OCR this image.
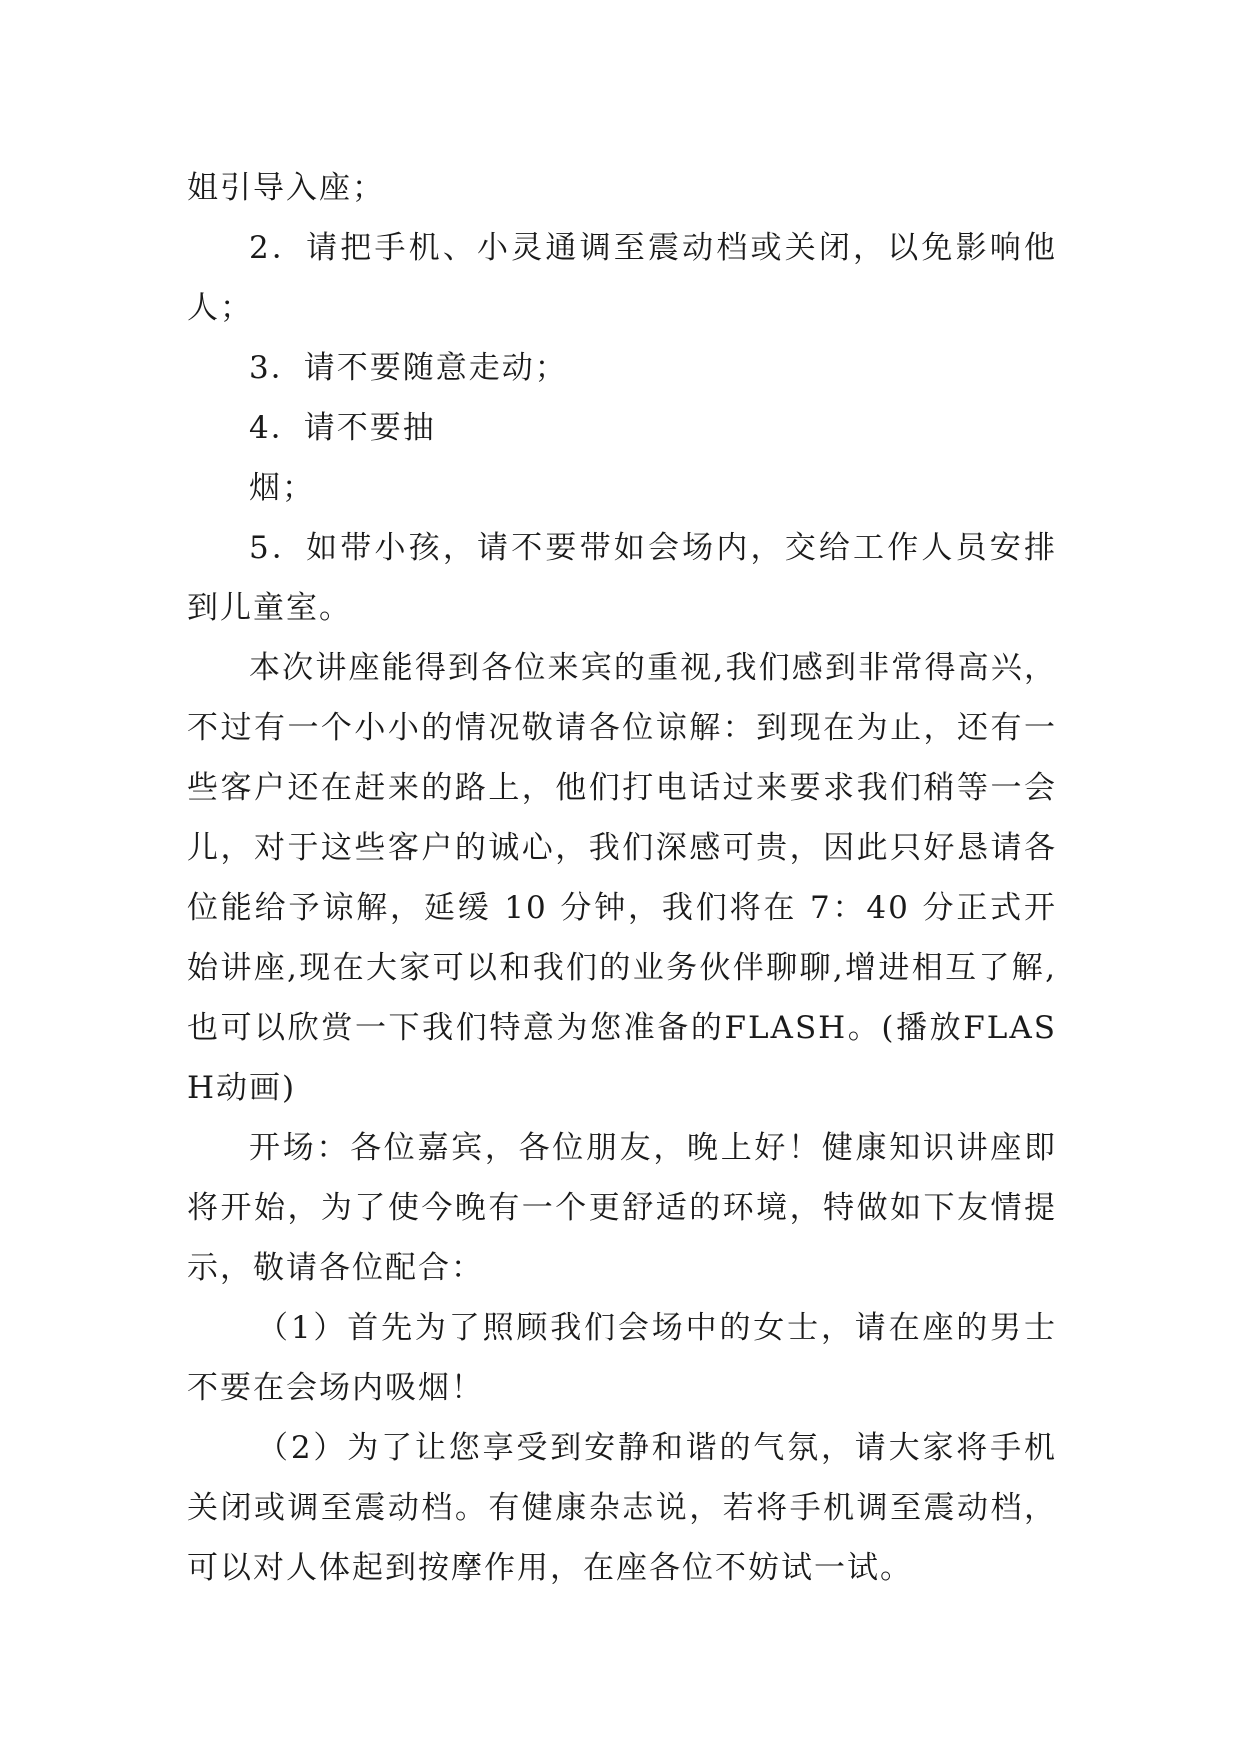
姐引导入座；

2．请把手机、小灵通调至震动档或关闭，以免影响他人；

3．请不要随意走动；

4．请不要抽

烟；

5．如带小孩，请不要带如会场内，交给工作人员安排到儿童室。

本次讲座能得到各位来宾的重视,我们感到非常得高兴，不过有一个小小的情况敬请各位谅解：到现在为止，还有一些客户还在赶来的路上，他们打电话过来要求我们稍等一会儿，对于这些客户的诚心，我们深感可贵，因此只好恳请各位能给予谅解，延缓 10 分钟，我们将在 7：40 分正式开始讲座,现在大家可以和我们的业务伙伴聊聊,增进相互了解,也可以欣赏一下我们特意为您准备的FLASH。(播放FLASH动画)

开场：各位嘉宾，各位朋友，晚上好！健康知识讲座即将开始，为了使今晚有一个更舒适的环境，特做如下友情提示，敬请各位配合：

（1）首先为了照顾我们会场中的女士，请在座的男士不要在会场内吸烟！

（2）为了让您享受到安静和谐的气氛，请大家将手机关闭或调至震动档。有健康杂志说，若将手机调至震动档，可以对人体起到按摩作用，在座各位不妨试一试。
